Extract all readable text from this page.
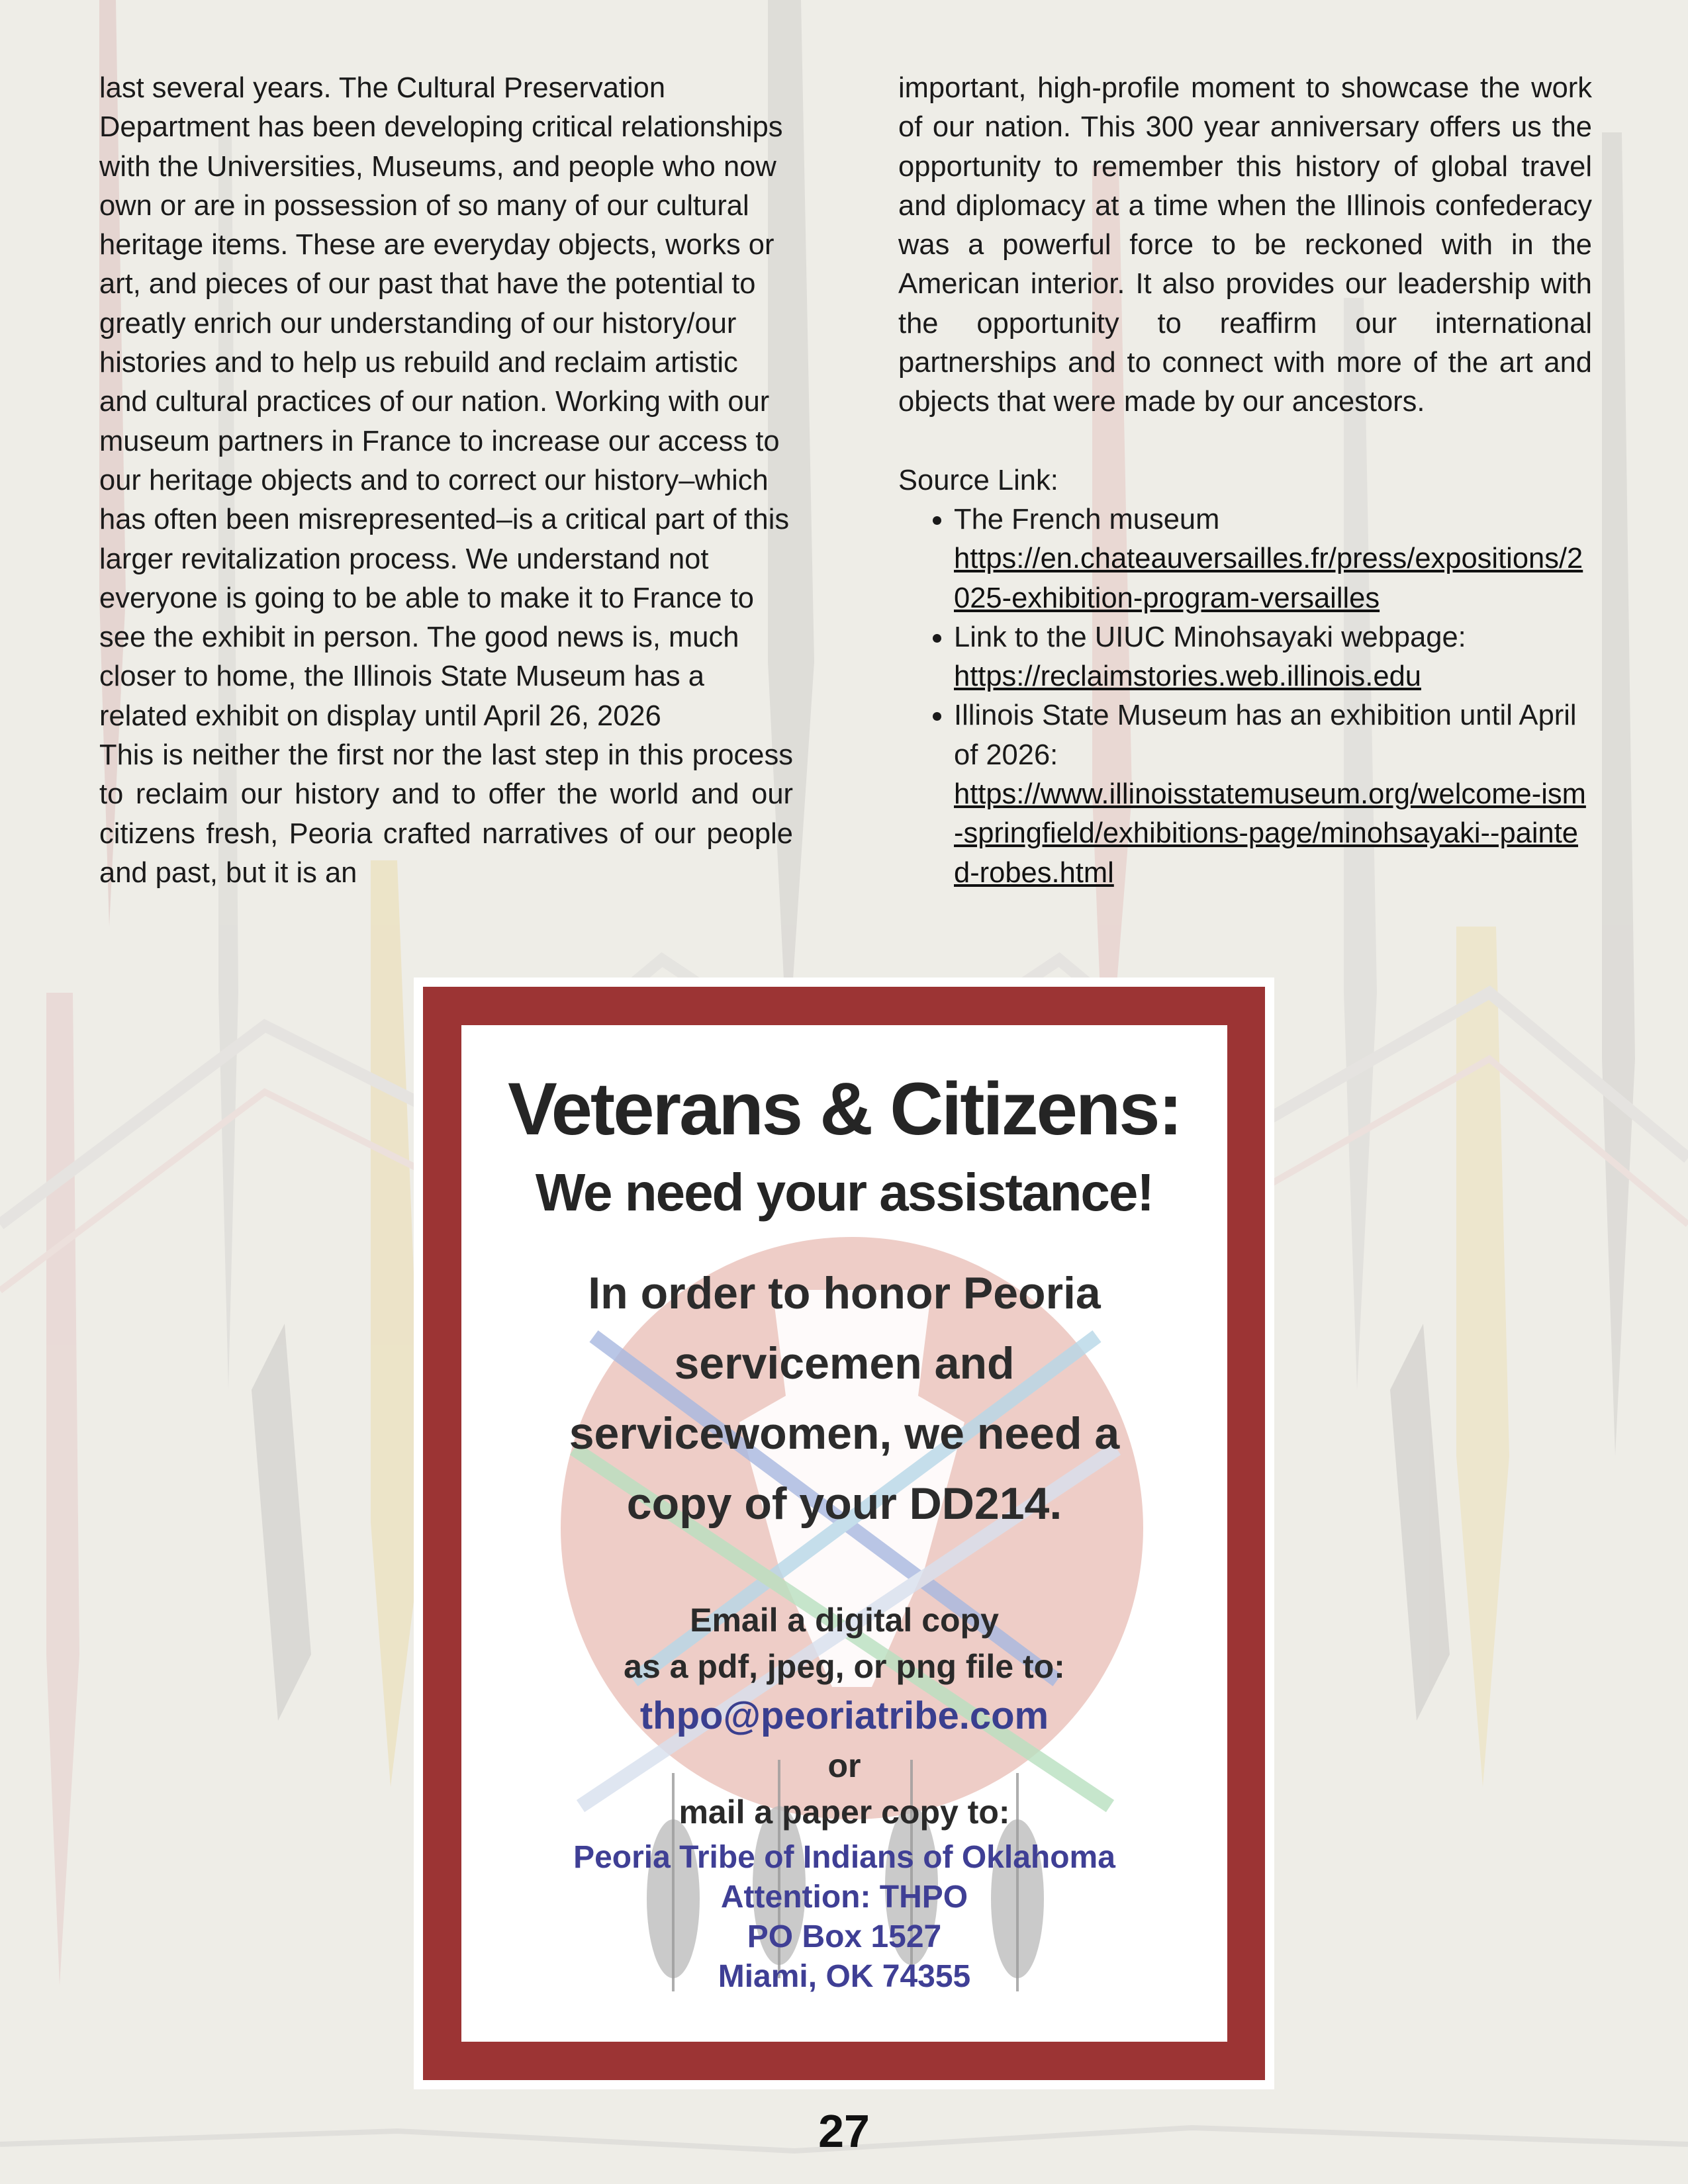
last several years. The Cultural Preservation Department has been developing critical relationships with the Universities, Museums, and people who now own or are in possession of so many of our cultural heritage items. These are everyday objects, works or art, and pieces of our past that have the potential to greatly enrich our understanding of our history/our histories and to help us rebuild and reclaim artistic and cultural practices of our nation. Working with our museum partners in France to increase our access to our heritage objects and to correct our history–which has often been misrepresented–is a critical part of this larger revitalization process. We understand not everyone is going to be able to make it to France to see the exhibit in person. The good news is, much closer to home, the Illinois State Museum has a related exhibit on display until April 26, 2026

This is neither the first nor the last step in this process to reclaim our history and to offer the world and our citizens fresh, Peoria crafted narratives of our people and past, but it is an

important, high-profile moment to showcase the work of our nation. This 300 year anniversary offers us the opportunity to remember this history of global travel and diplomacy at a time when the Illinois confederacy was a powerful force to be reckoned with in the American interior. It also provides our leadership with the opportunity to reaffirm our international partnerships and to connect with more of the art and objects that were made by our ancestors.

Source Link:

• The French museum
https://en.chateauversailles.fr/press/expositions/2025-exhibition-program-versailles
• Link to the UIUC Minohsayaki webpage:
https://reclaimstories.web.illinois.edu
• Illinois State Museum has an exhibition until April of 2026:
https://www.illinoisstatemuseum.org/welcome-ism-springfield/exhibitions-page/minohsayaki--painted-robes.html
Veterans & Citizens:
We need your assistance!
In order to honor Peoria servicemen and servicewomen, we need a copy of your DD214.
Email a digital copy
as a pdf, jpeg, or png file to:
thpo@peoriatribe.com
or
mail a paper copy to:
Peoria Tribe of Indians of Oklahoma
Attention: THPO
PO Box 1527
Miami, OK 74355
27
